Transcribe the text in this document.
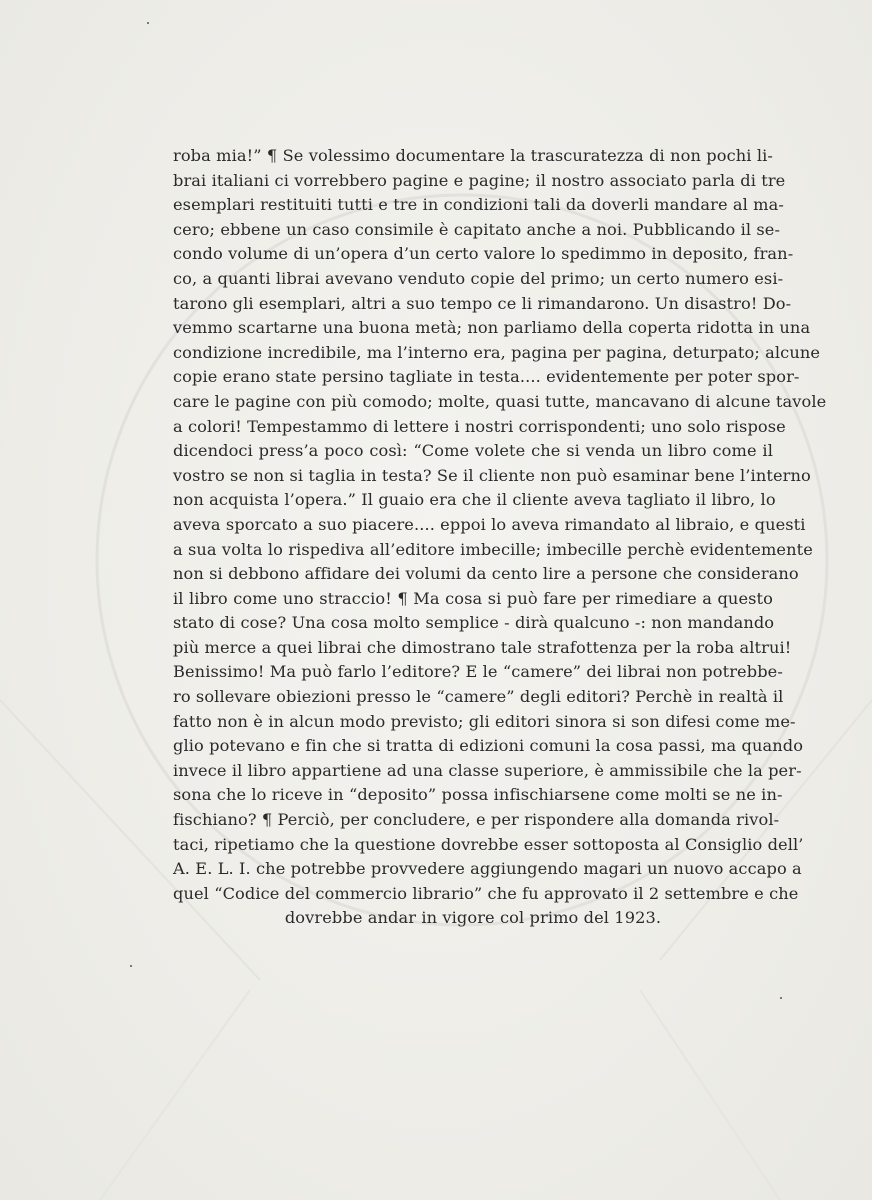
roba mia!” ¶ Se volessimo documentare la trascuratezza di non pochi li-
brai italiani ci vorrebbero pagine e pagine; il nostro associato parla di tre
esemplari restituiti tutti e tre in condizioni tali da doverli mandare al ma-
cero; ebbene un caso consimile è capitato anche a noi. Pubblicando il se-
condo volume di un’opera d’un certo valore lo spedimmo in deposito, fran-
co, a quanti librai avevano venduto copie del primo; un certo numero esi-
tarono gli esemplari, altri a suo tempo ce li rimandarono. Un disastro! Do-
vemmo scartarne una buona metà; non parliamo della coperta ridotta in una
condizione incredibile, ma l’interno era, pagina per pagina, deturpato; alcune
copie erano state persino tagliate in testa.... evidentemente per poter spor-
care le pagine con più comodo; molte, quasi tutte, mancavano di alcune tavole
a colori! Tempestammo di lettere i nostri corrispondenti; uno solo rispose
dicendoci press’a poco così: “Come volete che si venda un libro come il
vostro se non si taglia in testa? Se il cliente non può esaminar bene l’interno
non acquista l’opera.” Il guaio era che il cliente aveva tagliato il libro, lo
aveva sporcato a suo piacere.... eppoi lo aveva rimandato al libraio, e questi
a sua volta lo rispediva all’editore imbecille; imbecille perchè evidentemente
non si debbono affidare dei volumi da cento lire a persone che considerano
il libro come uno straccio! ¶ Ma cosa si può fare per rimediare a questo
stato di cose? Una cosa molto semplice - dirà qualcuno -: non mandando
più merce a quei librai che dimostrano tale strafottenza per la roba altrui!
Benissimo! Ma può farlo l’editore? E le “camere” dei librai non potrebbe-
ro sollevare obiezioni presso le “camere” degli editori? Perchè in realtà il
fatto non è in alcun modo previsto; gli editori sinora si son difesi come me-
glio potevano e fin che si tratta di edizioni comuni la cosa passi, ma quando
invece il libro appartiene ad una classe superiore, è ammissibile che la per-
sona che lo riceve in “deposito” possa infischiarsene come molti se ne in-
fischiano? ¶ Perciò, per concludere, e per rispondere alla domanda rivol-
taci, ripetiamo che la questione dovrebbe esser sottoposta al Consiglio dell’
A. E. L. I. che potrebbe provvedere aggiungendo magari un nuovo accapo a
quel “Codice del commercio librario” che fu approvato il 2 settembre e che
dovrebbe andar in vigore col primo del 1923.
